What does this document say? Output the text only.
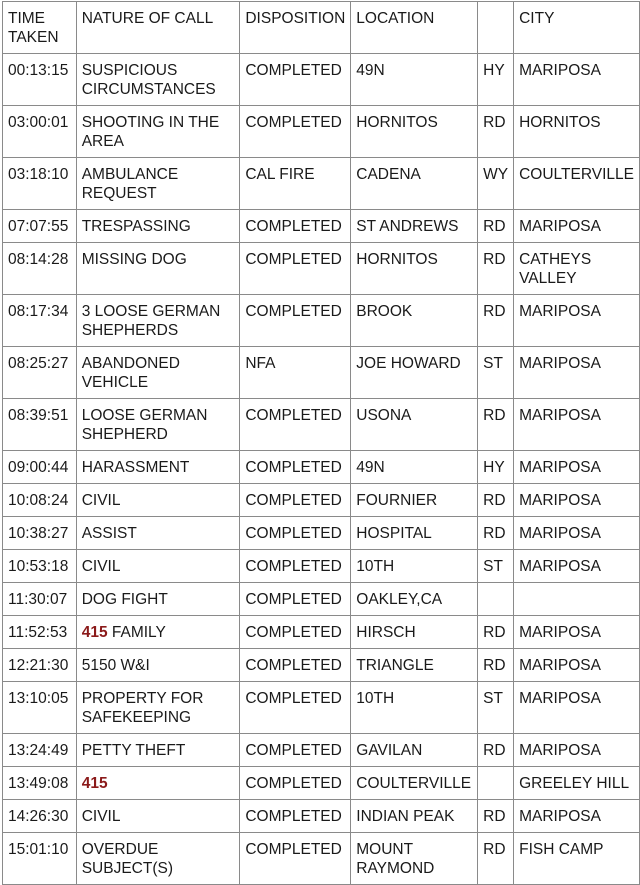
TIME TAKEN	NATURE OF CALL	DISPOSITION	LOCATION		CITY
00:13:15	SUSPICIOUS CIRCUMSTANCES	COMPLETED	49N	HY	MARIPOSA
03:00:01	SHOOTING IN THE AREA	COMPLETED	HORNITOS	RD	HORNITOS
03:18:10	AMBULANCE REQUEST	CAL FIRE	CADENA	WY	COULTERVILLE
07:07:55	TRESPASSING	COMPLETED	ST ANDREWS	RD	MARIPOSA
08:14:28	MISSING DOG	COMPLETED	HORNITOS	RD	CATHEYS VALLEY
08:17:34	3 LOOSE GERMAN SHEPHERDS	COMPLETED	BROOK	RD	MARIPOSA
08:25:27	ABANDONED VEHICLE	NFA	JOE HOWARD	ST	MARIPOSA
08:39:51	LOOSE GERMAN SHEPHERD	COMPLETED	USONA	RD	MARIPOSA
09:00:44	HARASSMENT	COMPLETED	49N	HY	MARIPOSA
10:08:24	CIVIL	COMPLETED	FOURNIER	RD	MARIPOSA
10:38:27	ASSIST	COMPLETED	HOSPITAL	RD	MARIPOSA
10:53:18	CIVIL	COMPLETED	10TH	ST	MARIPOSA
11:30:07	DOG FIGHT	COMPLETED	OAKLEY,CA		
11:52:53	415 FAMILY	COMPLETED	HIRSCH	RD	MARIPOSA
12:21:30	5150 W&I	COMPLETED	TRIANGLE	RD	MARIPOSA
13:10:05	PROPERTY FOR SAFEKEEPING	COMPLETED	10TH	ST	MARIPOSA
13:24:49	PETTY THEFT	COMPLETED	GAVILAN	RD	MARIPOSA
13:49:08	415	COMPLETED	COULTERVILLE		GREELEY HILL
14:26:30	CIVIL	COMPLETED	INDIAN PEAK	RD	MARIPOSA
15:01:10	OVERDUE SUBJECT(S)	COMPLETED	MOUNT RAYMOND	RD	FISH CAMP
